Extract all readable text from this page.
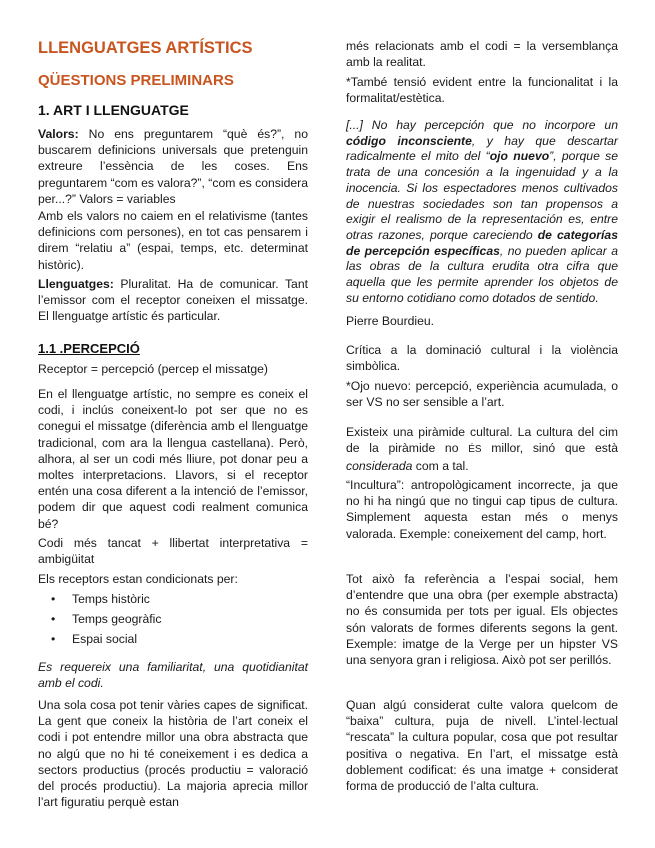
LLENGUATGES ARTÍSTICS
QÜESTIONS PRELIMINARS
1. ART I LLENGUATGE

Valors: No ens preguntarem “què és?”, no buscarem definicions universals que pretenguin extreure l’essència de les coses. Ens preguntarem “com es valora?”, “com es considera per...?” Valors = variables

Amb els valors no caiem en el relativisme (tantes definicions com persones), en tot cas pensarem i direm “relatiu a” (espai, temps, etc. determinat històric).

Llenguatges: Pluralitat. Ha de comunicar. Tant l’emissor com el receptor coneixen el missatge. El llenguatge artístic és particular.

1.1 .PERCEPCIÓ

Receptor = percepció (percep el missatge)

En el llenguatge artístic, no sempre es coneix el codi, i inclús coneixent-lo pot ser que no es conegui el missatge (diferència amb el llenguatge tradicional, com ara la llengua castellana). Però, alhora, al ser un codi més lliure, pot donar peu a moltes interpretacions. Llavors, si el receptor entén una cosa diferent a la intenció de l’emissor, podem dir que aquest codi realment comunica bé?

Codi més tancat + llibertat interpretativa = ambigüitat

Els receptors estan condicionats per:

• Temps històric
• Temps geogràfic
• Espai social

Es requereix una familiaritat, una quotidianitat amb el codi.

Una sola cosa pot tenir vàries capes de significat. La gent que coneix la història de l’art coneix el codi i pot entendre millor una obra abstracta que no algú que no hi té coneixement i es dedica a sectors productius (procés productiu = valoració del procés productiu). La majoria aprecia millor l’art figuratiu perquè estan

més relacionats amb el codi = la versemblança amb la realitat.

*També tensió evident entre la funcionalitat i la formalitat/estètica.

[...] No hay percepción que no incorpore un código inconsciente, y hay que descartar radicalmente el mito del “ojo nuevo”, porque se trata de una concesión a la ingenuidad y a la inocencia. Si los espectadores menos cultivados de nuestras sociedades son tan propensos a exigir el realismo de la representación es, entre otras razones, porque careciendo de categorías de percepción específicas, no pueden aplicar a las obras de la cultura erudita otra cifra que aquella que les permite aprender los objetos de su entorno cotidiano como dotados de sentido.

Pierre Bourdieu.

Crítica a la dominació cultural i la violència simbòlica.

*Ojo nuevo: percepció, experiència acumulada, o ser VS no ser sensible a l’art.

Existeix una piràmide cultural. La cultura del cim de la piràmide no ÉS millor, sinó que està considerada com a tal.

“Incultura”: antropològicament incorrecte, ja que no hi ha ningú que no tingui cap tipus de cultura. Simplement aquesta estan més o menys valorada. Exemple: coneixement del camp, hort.

Tot això fa referència a l’espai social, hem d’entendre que una obra (per exemple abstracta) no és consumida per tots per igual. Els objectes són valorats de formes diferents segons la gent. Exemple: imatge de la Verge per un hipster VS una senyora gran i religiosa. Això pot ser perillós.

Quan algú considerat culte valora quelcom de “baixa” cultura, puja de nivell. L’intel·lectual “rescata” la cultura popular, cosa que pot resultar positiva o negativa. En l’art, el missatge està doblement codificat: és una imatge + considerat forma de producció de l’alta cultura.
